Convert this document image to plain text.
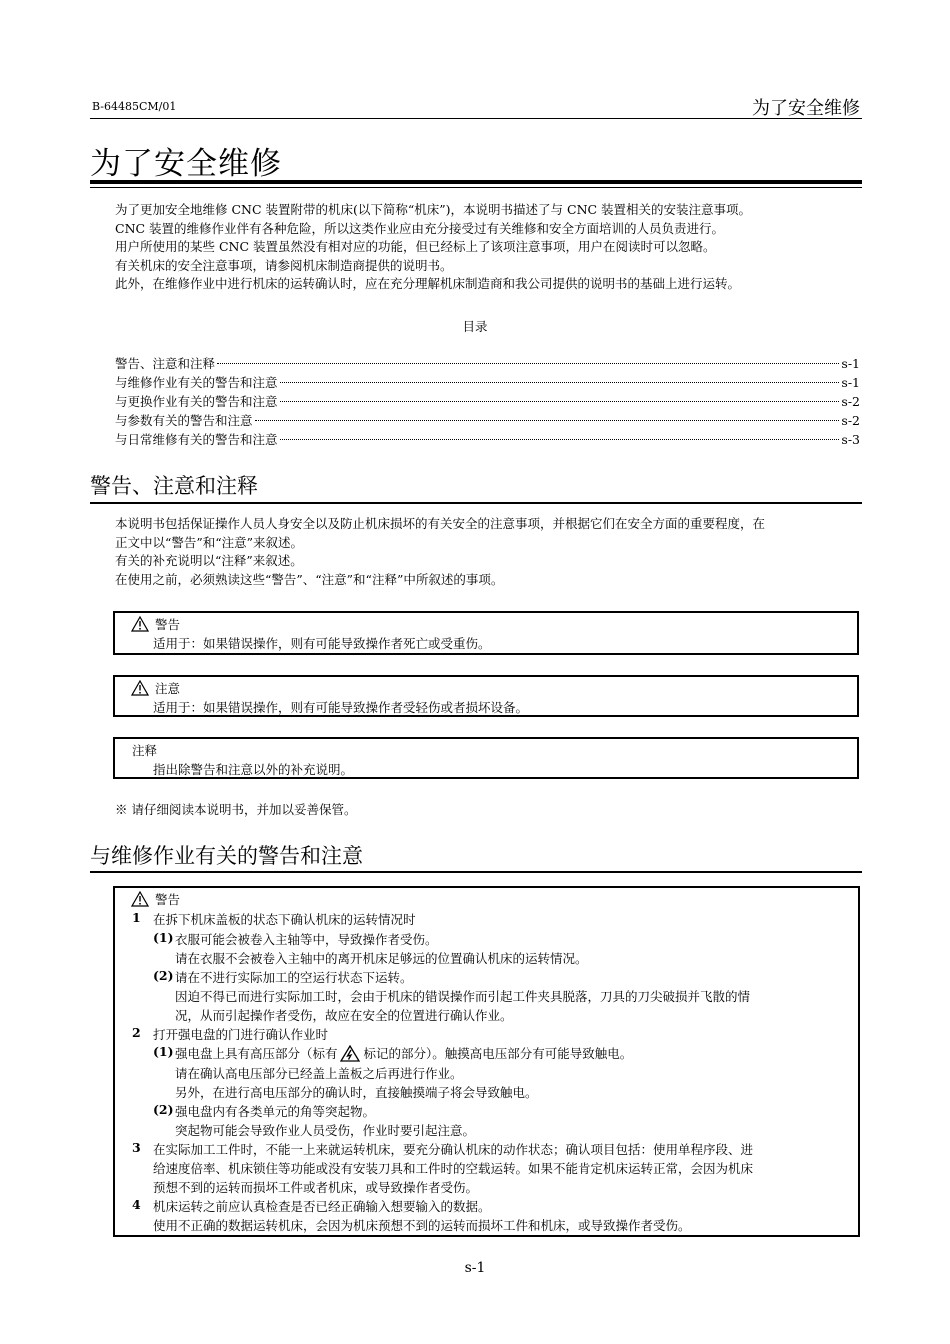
B-64485CM/01	为了安全维修
为了安全维修

为了更加安全地维修 CNC 装置附带的机床(以下简称“机床”)，本说明书描述了与 CNC 装置相关的安装注意事项。

CNC 装置的维修作业伴有各种危险，所以这类作业应由充分接受过有关维修和安全方面培训的人员负责进行。

用户所使用的某些 CNC 装置虽然没有相对应的功能，但已经标上了该项注意事项，用户在阅读时可以忽略。

有关机床的安全注意事项，请参阅机床制造商提供的说明书。

此外，在维修作业中进行机床的运转确认时，应在充分理解机床制造商和我公司提供的说明书的基础上进行运转。

目录
警告、注意和注释	s-1
与维修作业有关的警告和注意	s-1
与更换作业有关的警告和注意	s-2
与参数有关的警告和注意	s-2
与日常维修有关的警告和注意	s-3
警告、注意和注释

本说明书包括保证操作人员人身安全以及防止机床损坏的有关安全的注意事项，并根据它们在安全方面的重要程度，在

正文中以“警告”和“注意”来叙述。

有关的补充说明以“注释”来叙述。

在使用之前，必须熟读这些“警告”、“注意”和“注释”中所叙述的事项。

警告
适用于：如果错误操作，则有可能导致操作者死亡或受重伤。
注意
适用于：如果错误操作，则有可能导致操作者受轻伤或者损坏设备。
注释
指出除警告和注意以外的补充说明。
※ 请仔细阅读本说明书，并加以妥善保管。
与维修作业有关的警告和注意
警告
1 在拆下机床盖板的状态下确认机床的运转情况时
(1) 衣服可能会被卷入主轴等中，导致操作者受伤。
请在衣服不会被卷入主轴中的离开机床足够远的位置确认机床的运转情况。
(2) 请在不进行实际加工的空运行状态下运转。
因迫不得已而进行实际加工时，会由于机床的错误操作而引起工件夹具脱落，刀具的刀尖破损并飞散的情
况，从而引起操作者受伤，故应在安全的位置进行确认作业。
2 打开强电盘的门进行确认作业时
(1) 强电盘上具有高压部分（标有 标记的部分）。触摸高电压部分有可能导致触电。
请在确认高电压部分已经盖上盖板之后再进行作业。
另外，在进行高电压部分的确认时，直接触摸端子将会导致触电。
(2) 强电盘内有各类单元的角等突起物。
突起物可能会导致作业人员受伤，作业时要引起注意。
3 在实际加工工件时，不能一上来就运转机床，要充分确认机床的动作状态；确认项目包括：使用单程序段、进
给速度倍率、机床锁住等功能或没有安装刀具和工件时的空载运转。如果不能肯定机床运转正常，会因为机床
预想不到的运转而损坏工件或者机床，或导致操作者受伤。
4 机床运转之前应认真检查是否已经正确输入想要输入的数据。
使用不正确的数据运转机床，会因为机床预想不到的运转而损坏工件和机床，或导致操作者受伤。
s-1
